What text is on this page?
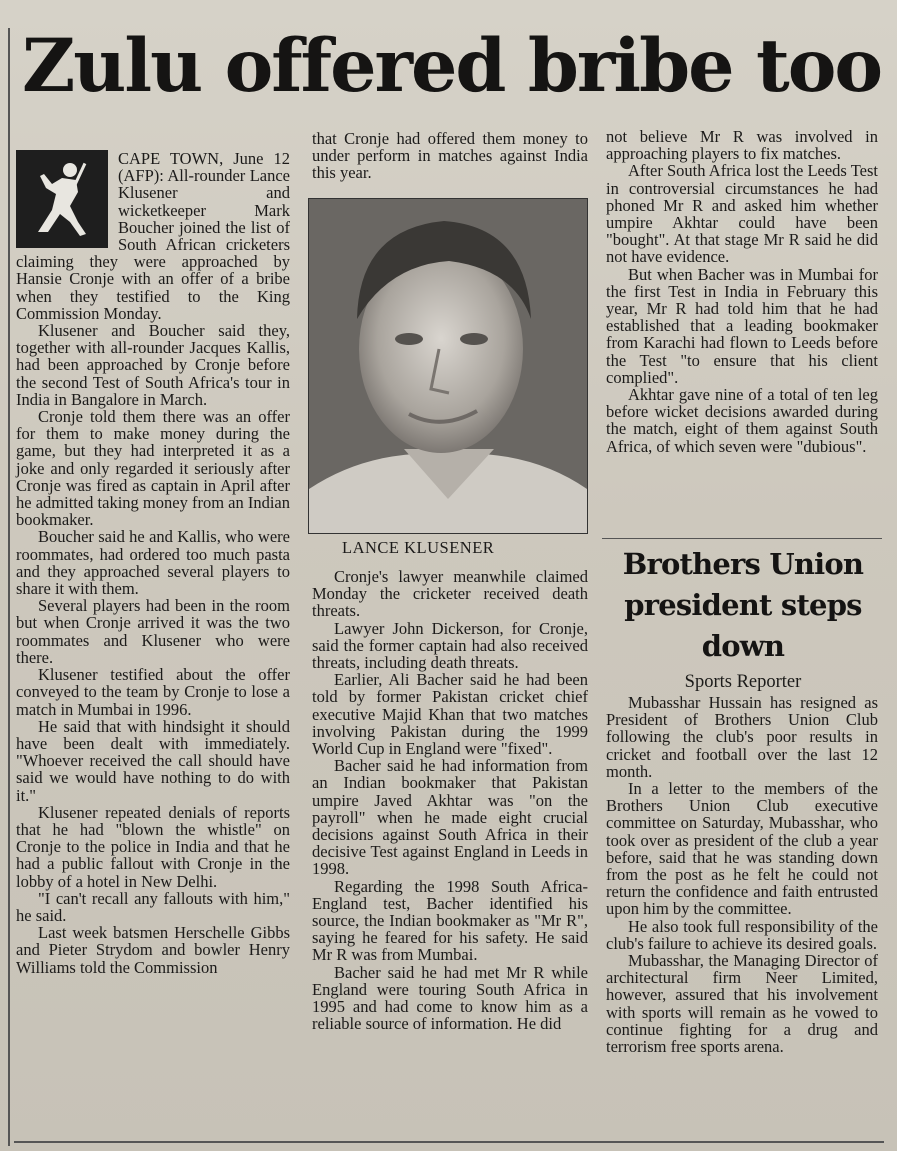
Zulu offered bribe too

CAPE TOWN, June 12 (AFP): All-rounder Lance Klusener and wicketkeeper Mark Boucher joined the list of South African cricketers claiming they were approached by Hansie Cronje with an offer of a bribe when they testified to the King Commission Monday.

Klusener and Boucher said they, together with all-rounder Jacques Kallis, had been approached by Cronje before the second Test of South Africa's tour in India in Bangalore in March.

Cronje told them there was an offer for them to make money during the game, but they had interpreted it as a joke and only regarded it seriously after Cronje was fired as captain in April after he admitted taking money from an Indian bookmaker.

Boucher said he and Kallis, who were roommates, had ordered too much pasta and they approached several players to share it with them.

Several players had been in the room but when Cronje arrived it was the two roommates and Klusener who were there.

Klusener testified about the offer conveyed to the team by Cronje to lose a match in Mumbai in 1996.

He said that with hindsight it should have been dealt with immediately. "Whoever received the call should have said we would have nothing to do with it."

Klusener repeated denials of reports that he had "blown the whistle" on Cronje to the police in India and that he had a public fallout with Cronje in the lobby of a hotel in New Delhi.

"I can't recall any fallouts with him," he said.

Last week batsmen Herschelle Gibbs and Pieter Strydom and bowler Henry Williams told the Commission

that Cronje had offered them money to under perform in matches against India this year.

LANCE KLUSENER

Cronje's lawyer meanwhile claimed Monday the cricketer received death threats.

Lawyer John Dickerson, for Cronje, said the former captain had also received threats, including death threats.

Earlier, Ali Bacher said he had been told by former Pakistan cricket chief executive Majid Khan that two matches involving Pakistan during the 1999 World Cup in England were "fixed".

Bacher said he had information from an Indian bookmaker that Pakistan umpire Javed Akhtar was "on the payroll" when he made eight crucial decisions against South Africa in their decisive Test against England in Leeds in 1998.

Regarding the 1998 South Africa-England test, Bacher identified his source, the Indian bookmaker as "Mr R", saying he feared for his safety. He said Mr R was from Mumbai.

Bacher said he had met Mr R while England were touring South Africa in 1995 and had come to know him as a reliable source of information. He did

not believe Mr R was involved in approaching players to fix matches.

After South Africa lost the Leeds Test in controversial circumstances he had phoned Mr R and asked him whether umpire Akhtar could have been "bought". At that stage Mr R said he did not have evidence.

But when Bacher was in Mumbai for the first Test in India in February this year, Mr R had told him that he had established that a leading bookmaker from Karachi had flown to Leeds before the Test "to ensure that his client complied".

Akhtar gave nine of a total of ten leg before wicket decisions awarded during the match, eight of them against South Africa, of which seven were "dubious".

Brothers Union president steps down
Sports Reporter

Mubasshar Hussain has resigned as President of Brothers Union Club following the club's poor results in cricket and football over the last 12 month.

In a letter to the members of the Brothers Union Club executive committee on Saturday, Mubasshar, who took over as president of the club a year before, said that he was standing down from the post as he felt he could not return the confidence and faith entrusted upon him by the committee.

He also took full responsibility of the club's failure to achieve its desired goals.

Mubasshar, the Managing Director of architectural firm Neer Limited, however, assured that his involvement with sports will remain as he vowed to continue fighting for a drug and terrorism free sports arena.
